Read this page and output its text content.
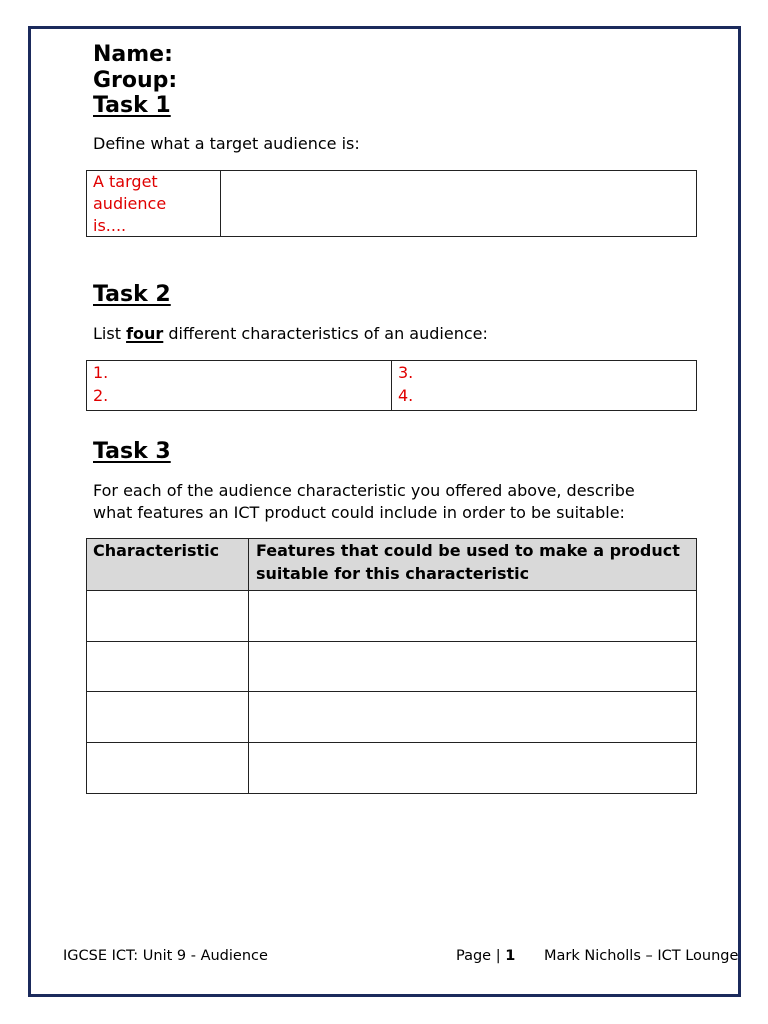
Name:
Group:
Task 1
Define what a target audience is:
A target audience is....
Task 2
List four different characteristics of an audience:
1.
2.
3.
4.
Task 3
For each of the audience characteristic you offered above, describe
what features an ICT product could include in order to be suitable:
Characteristic	Features that could be used to make a product suitable for this characteristic
IGCSE ICT: Unit 9 - Audience	Page | 1 Mark Nicholls – ICT Lounge
